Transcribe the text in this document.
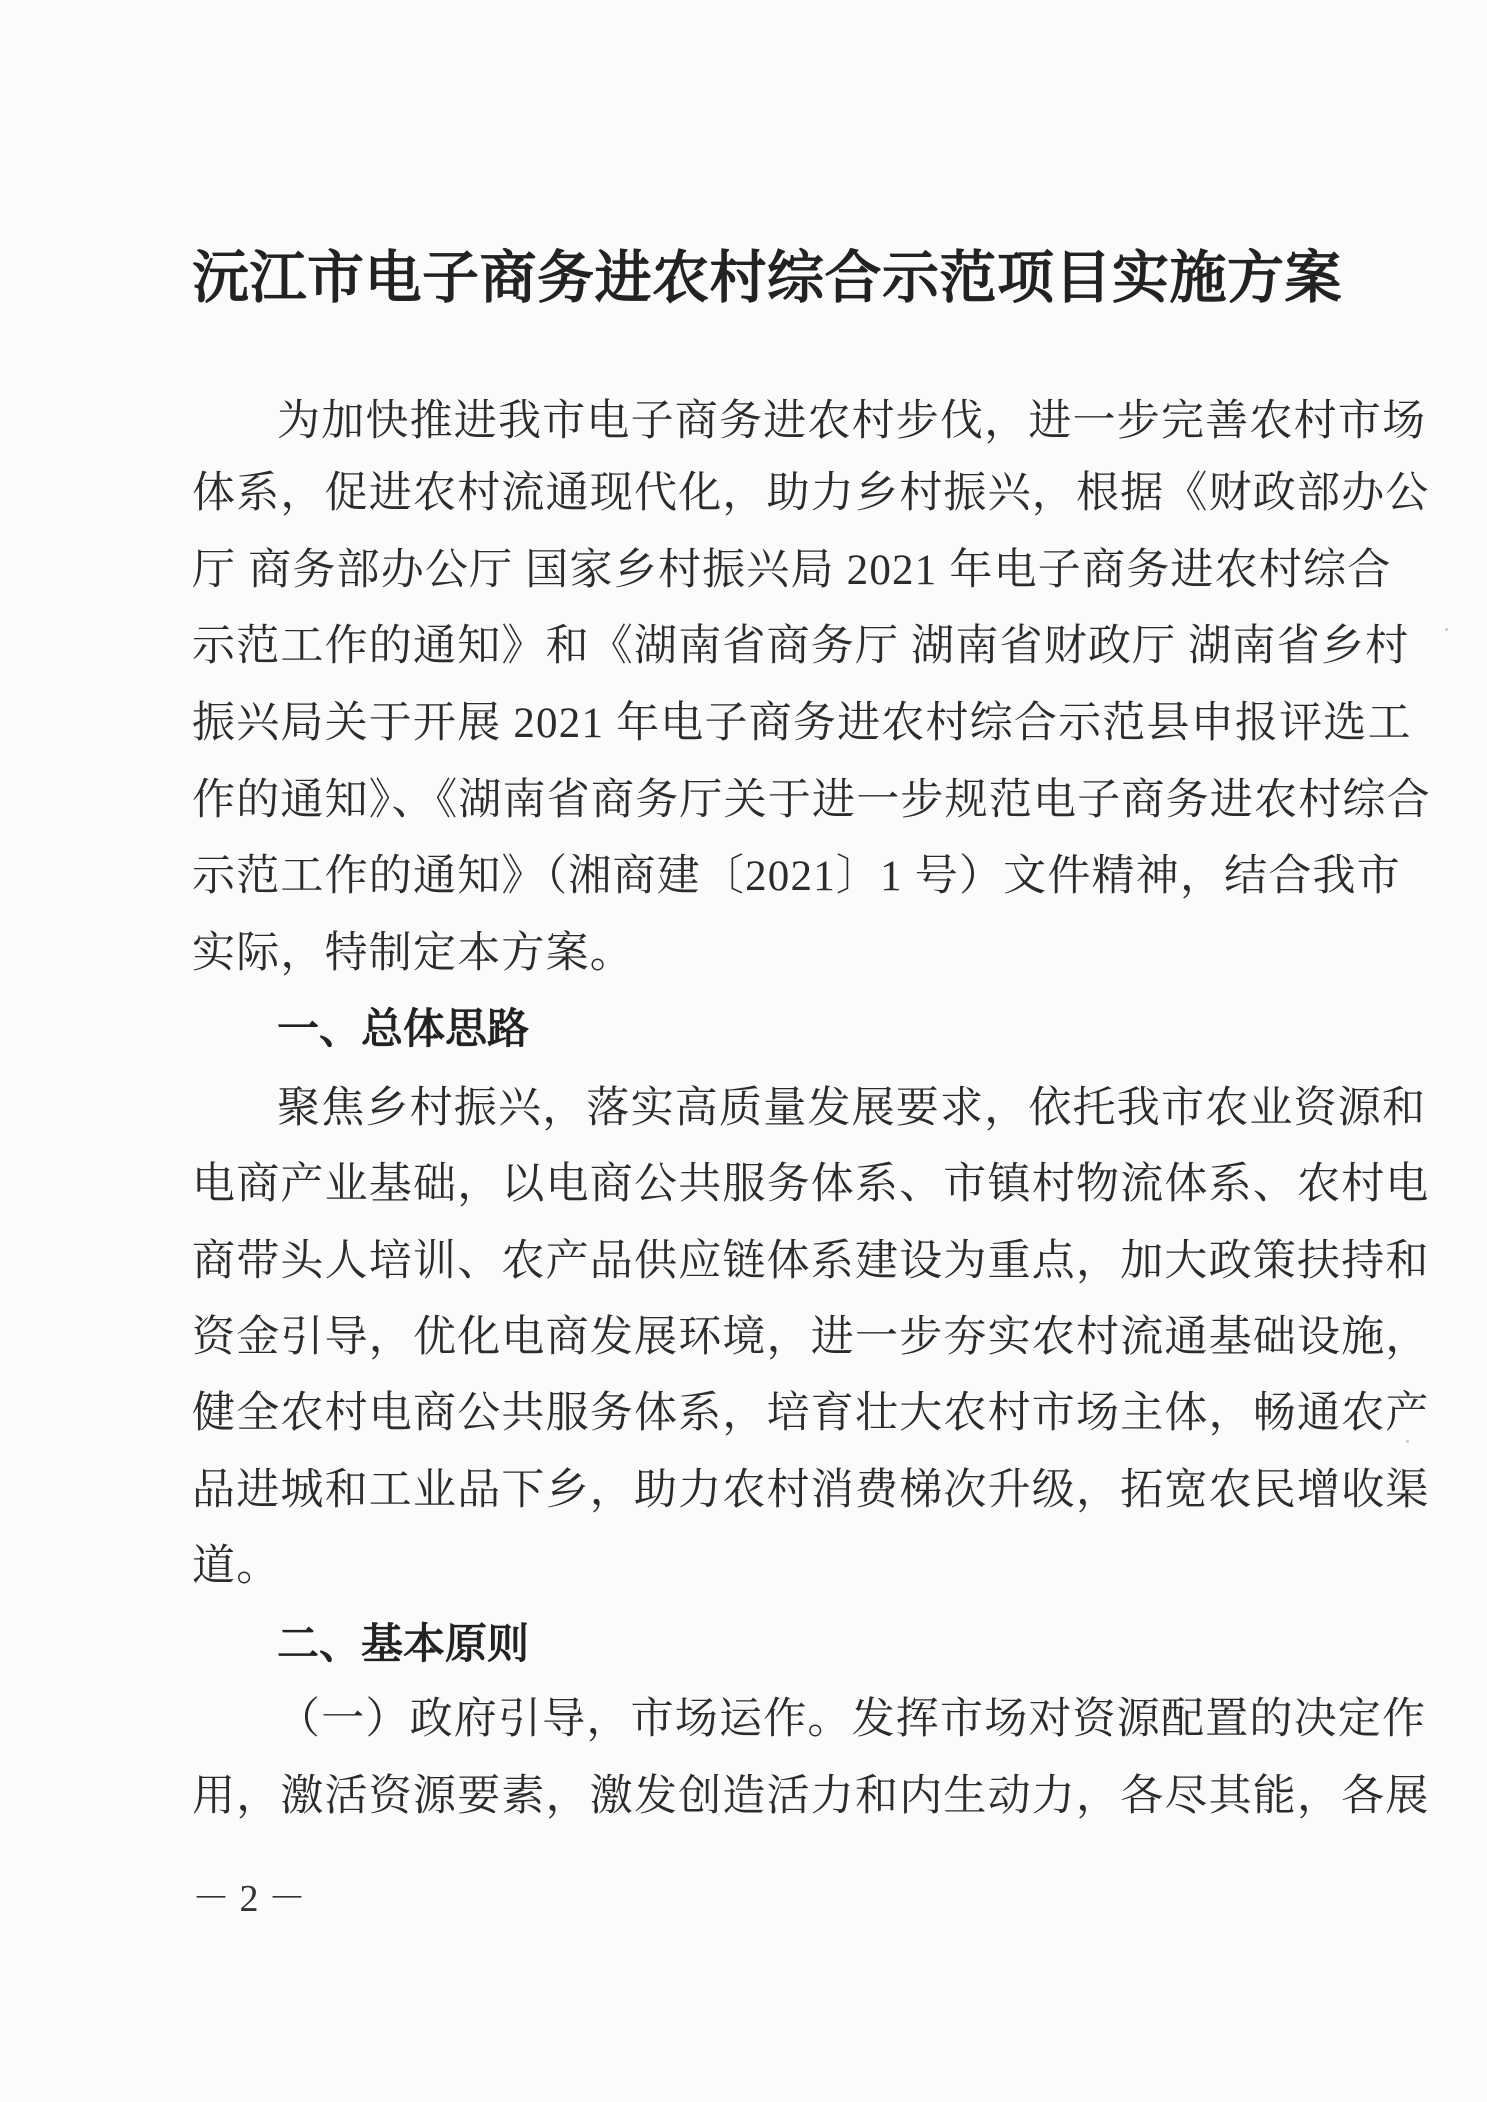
沅江市电子商务进农村综合示范项目实施方案

为加快推进我市电子商务进农村步伐，进一步完善农村市场

体系，促进农村流通现代化，助力乡村振兴，根据《财政部办公

厅 商务部办公厅 国家乡村振兴局 2021 年电子商务进农村综合

示范工作的通知》和《湖南省商务厅 湖南省财政厅 湖南省乡村

振兴局关于开展 2021 年电子商务进农村综合示范县申报评选工

作的通知》、《湖南省商务厅关于进一步规范电子商务进农村综合

示范工作的通知》（湘商建〔2021〕1 号）文件精神，结合我市

实际，特制定本方案。

一、总体思路

聚焦乡村振兴，落实高质量发展要求，依托我市农业资源和

电商产业基础，以电商公共服务体系、市镇村物流体系、农村电

商带头人培训、农产品供应链体系建设为重点，加大政策扶持和

资金引导，优化电商发展环境，进一步夯实农村流通基础设施，

健全农村电商公共服务体系，培育壮大农村市场主体，畅通农产

品进城和工业品下乡，助力农村消费梯次升级，拓宽农民增收渠

道。

二、基本原则

（一）政府引导，市场运作。发挥市场对资源配置的决定作

用，激活资源要素，激发创造活力和内生动力，各尽其能，各展

－ 2 －
